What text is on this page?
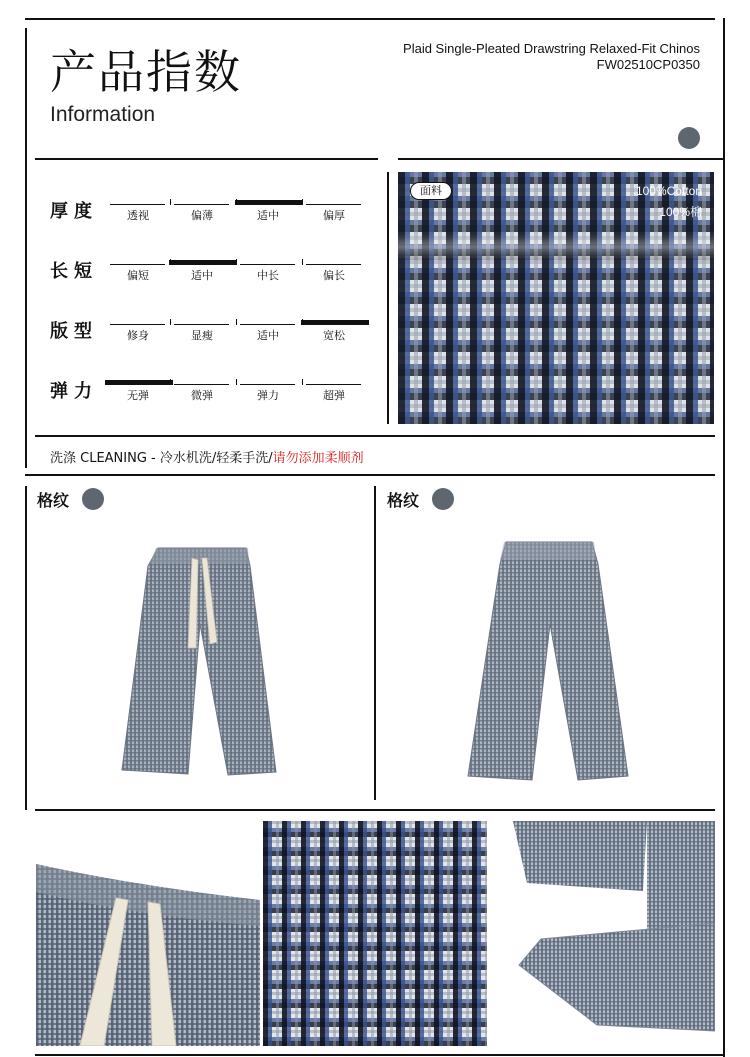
产品指数
Information
Plaid Single-Pleated Drawstring Relaxed-Fit Chinos
FW02510CP0350
厚度	透视	偏薄	适中	偏厚
长短	偏短	适中	中长	偏长
版型	修身	显瘦	适中	宽松
弹力	无弹	微弹	弹力	超弹
面料	100%Cotton
100%棉
洗涤 CLEANING - 冷水机洗/轻柔手洗/请勿添加柔顺剂
格纹	格纹
